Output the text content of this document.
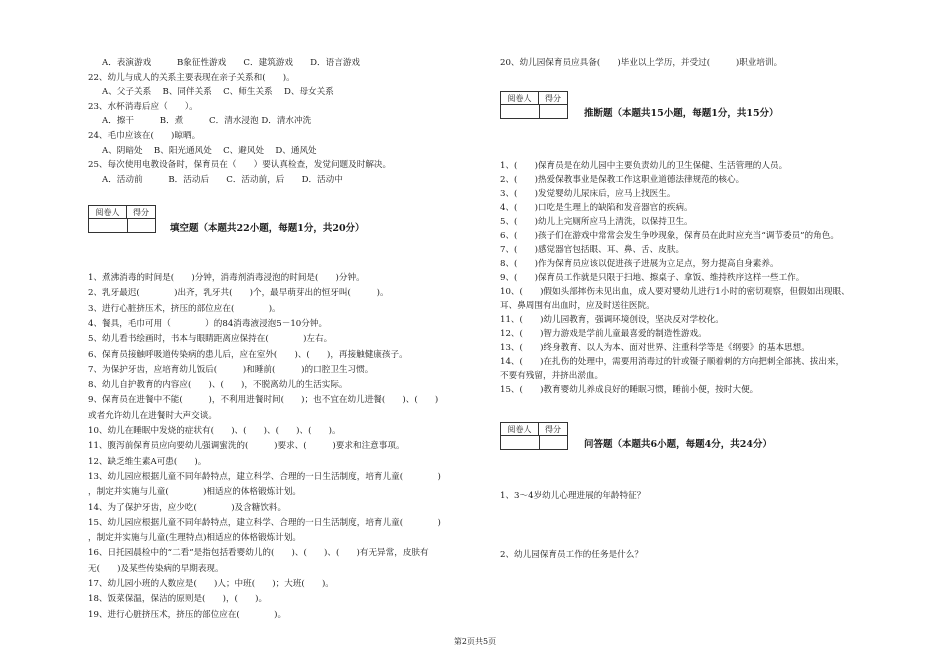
A．表演游戏　　　B象征性游戏　　C．建筑游戏　　D．语言游戏
22、幼儿与成人的关系主要表现在亲子关系和(　　)。
A、父子关系　 B、同伴关系　 C、师生关系　 D、母女关系
23、水杯消毒后应（　　）。
A．擦干　　　B．煮　　　C．清水浸泡 D．清水冲洗
24、毛巾应该在(　　)晾晒。
A、阴暗处　 B、阳光通风处　 C、避风处　 D、通风处
25、每次使用电教设备时，保育员在（　　）要认真检查，发觉问题及时解决。
A．活动前　　　B．活动后　　C．活动前，后　　D．活动中
阅卷人	得分
填空题（本题共22小题，每题1分，共20分）
1、煮沸消毒的时间是(　　)分钟，消毒剂消毒浸泡的时间是(　　)分钟。
2、乳牙最迟(　　　　)出齐，乳牙共(　　)个，最早萌芽出的恒牙叫(　　　)。
3、进行心脏挤压术，挤压的部位应在(　　　　)。
4、餐具，毛巾可用（　　　　）的84消毒液浸泡5－10分钟。
5、幼儿看书绘画时，书本与眼睛距离应保持在(　　　　)左右。
6、保育员接触呼吸道传染病的患儿后，应在室外(　　)、(　　)，再接触健康孩子。
7、为保护牙齿，应培育幼儿饭后(　　　)和睡前(　　　)的口腔卫生习惯。
8、幼儿自护教育的内容应(　　)、(　　)，不脱离幼儿的生活实际。
9、保育员在进餐中不能(　　　)，不利用进餐时间(　　)；也不宜在幼儿进餐(　　)、(　　)
或者允许幼儿在进餐时大声交谈。
10、幼儿在睡眠中发烧的症状有(　　)、(　　)、(　　)、(　　)。
11、腹泻前保育员应向要幼儿强调蜜洗的(　　　)要求、(　　　)要求和注意事项。
12、缺乏维生素A可患(　　)。
13、幼儿园应根据儿童不同年龄特点，建立科学、合理的一日生活制度，培育儿童(　　　　)
，制定并实施与儿童(　　　　)相适应的体格锻炼计划。
14、为了保护牙齿，应少吃(　　　　)及含糖饮料。
15、幼儿园应根据儿童不同年龄特点，建立科学、合理的一日生活制度，培育儿童(　　　　)
，制定并实施与儿童(生理特点)相适应的体格锻炼计划。
16、日托园晨检中的“二看”是指包括看婴幼儿的(　　)、(　　)、(　　)有无异常，皮肤有
无(　　)及某些传染病的早期表现。
17、幼儿园小班的人数应是(　　)人；中班(　　)；大班(　　)。
18、饭菜保温，保洁的原则是(　　)，(　　)。
19、进行心脏挤压术，挤压的部位应在(　　　　)。
20、幼儿园保育员应具备(　　)毕业以上学历，并受过(　　　)职业培训。
阅卷人	得分
推断题（本题共15小题，每题1分，共15分）
1、(　　)保育员是在幼儿园中主要负责幼儿的卫生保健、生活管理的人员。
2、(　　)热爱保教事业是保教工作这职业道德法律规范的核心。
3、(　　)发觉婴幼儿尿床后，应马上找医生。
4、(　　)口吃是生理上的缺陷和发音器官的疾病。
5、(　　)幼儿上完厕所应马上清洗，以保持卫生。
6、(　　)孩子们在游戏中常常会发生争吵现象，保育员在此时应充当“调节委员”的角色。
7、(　　)感觉器官包括眼、耳、鼻、舌、皮肤。
8、(　　)作为保育员应该以促进孩子进展为立足点，努力提高自身素养。
9、(　　)保育员工作就是只限于扫地、擦桌子、拿饭、维持秩序这样一些工作。
10、(　　)假如头部摔伤未见出血，成人要对婴幼儿进行1小时的密切观察，但假如出现眼、
耳、鼻周围有出血时，应及时送往医院。
11、(　　)幼儿园教育，强调环境创设，坚决反对学校化。
12、(　　)智力游戏是学前儿童最喜爱的制造性游戏。
13、(　　)终身教育、以人为本、面对世界、注重科学等是《纲要》的基本思想。
14、(　　)在扎伤的处理中，需要用消毒过的针或镊子顺着刺的方向把刺全部挑、拔出来，
不要有残留，并挤出淤血。
15、(　　)教育婴幼儿养成良好的睡眠习惯，睡前小便，按时大便。
阅卷人	得分
问答题（本题共6小题，每题4分，共24分）
1、3～4岁幼儿心理进展的年龄特征？
2、幼儿园保育员工作的任务是什么？
第2页共5页
